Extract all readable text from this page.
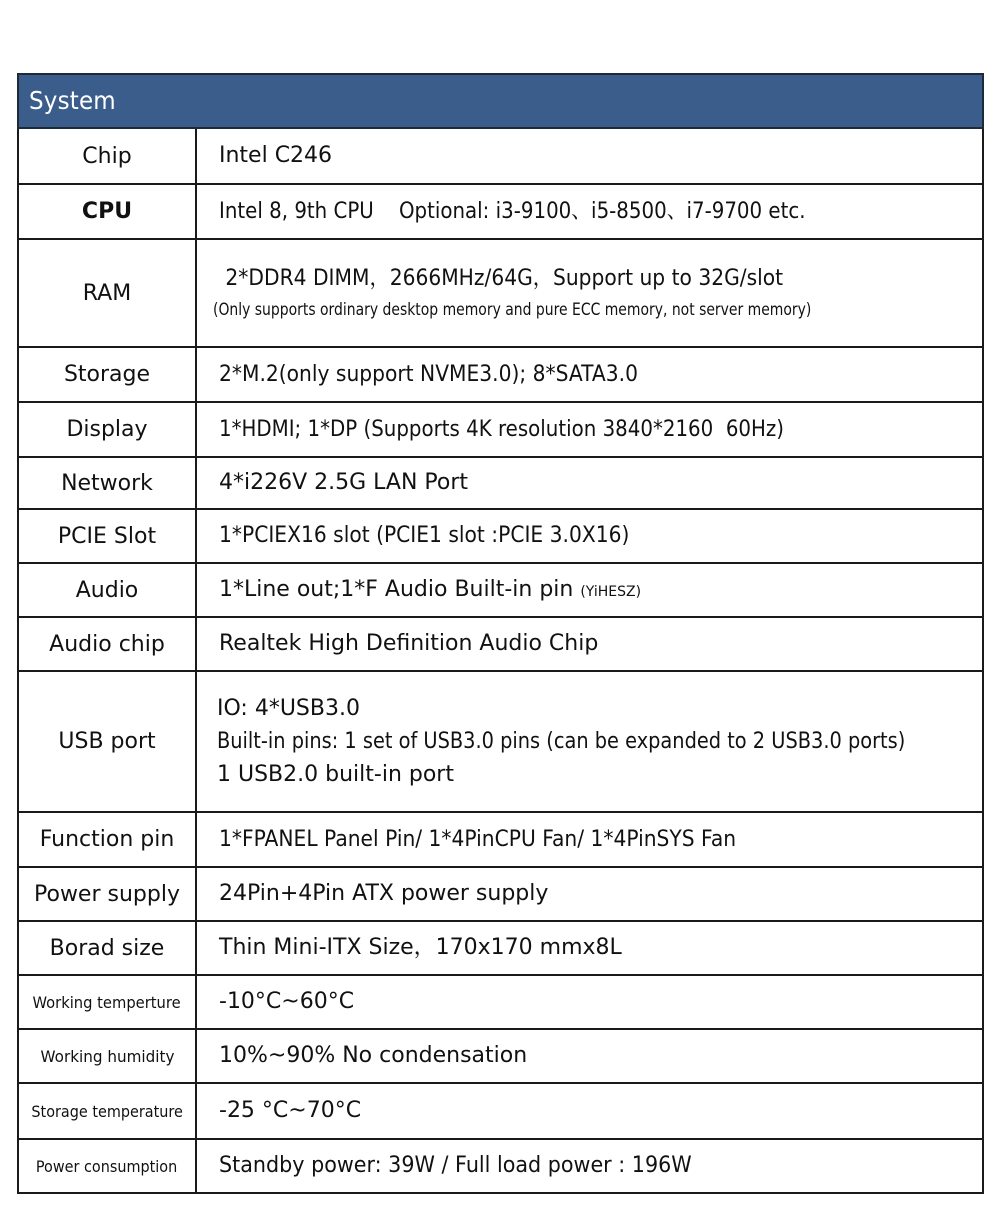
System
Chip	Intel C246
CPU	Intel 8, 9th CPU    Optional: i3-9100、i5-8500、i7-9700 etc.
RAM	2*DDR4 DIMM，2666MHz/64G，Support up to 32G/slot
(Only supports ordinary desktop memory and pure ECC memory, not server memory)

Storage	2*M.2(only support NVME3.0); 8*SATA3.0
Display	1*HDMI; 1*DP (Supports 4K resolution 3840*2160  60Hz)
Network	4*i226V 2.5G LAN Port
PCIE Slot	1*PCIEX16 slot (PCIE1 slot :PCIE 3.0X16)
Audio	1*Line out;1*F Audio Built-in pin (YiHESZ)
Audio chip	Realtek High Definition Audio Chip
USB port	IO: 4*USB3.0
Built-in pins: 1 set of USB3.0 pins (can be expanded to 2 USB3.0 ports)
1 USB2.0 built-in port

Function pin	1*FPANEL Panel Pin/ 1*4PinCPU Fan/ 1*4PinSYS Fan
Power supply	24Pin+4Pin ATX power supply
Borad size	Thin Mini-ITX Size，170x170 mmx8L
Working temperture	-10°C~60°C
Working humidity	10%~90% No condensation
Storage temperature	-25 °C~70°C
Power consumption	Standby power: 39W / Full load power : 196W
